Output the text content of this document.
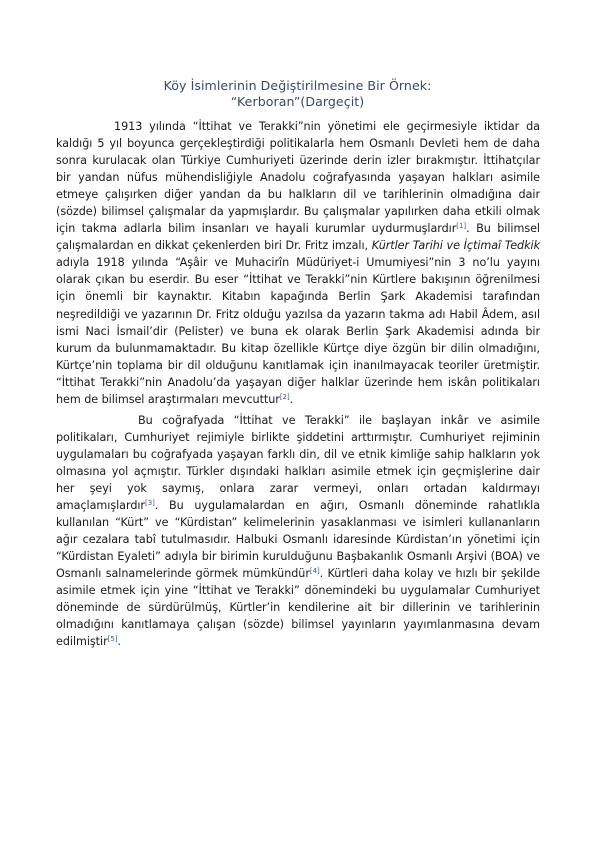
Köy İsimlerinin Değiştirilmesine Bir Örnek:
“Kerboran”(Dargeçit)

1913 yılında “İttihat ve Terakki”nin yönetimi ele geçirmesiyle iktidar da kaldığı 5 yıl boyunca gerçekleştirdiği politikalarla hem Osmanlı Devleti hem de daha sonra kurulacak olan Türkiye Cumhuriyeti üzerinde derin izler bırakmıştır. İttihatçılar bir yandan nüfus mühendisliğiyle Anadolu coğrafyasında yaşayan halkları asimile etmeye çalışırken diğer yandan da bu halkların dil ve tarihlerinin olmadığına dair (sözde) bilimsel çalışmalar da yapmışlardır. Bu çalışmalar yapılırken daha etkili olmak için takma adlarla bilim insanları ve hayali kurumlar uydurmuşlardır [ $^1$ ] . Bu bilimsel çalışmalardan en dikkat çekenlerden biri Dr. Fritz imzalı, Kürtler Tarihi ve İçtimaî Tedkik adıyla 1918 yılında “Aşâir ve Muhacirîn Müdüriyet-i Umumiyesi”nin 3 no’lu yayını olarak çıkan bu eserdir. Bu eser “İttihat ve Terakki”nin Kürtlere bakışının öğrenilmesi için önemli bir kaynaktır. Kitabın kapağında Berlin Şark Akademisi tarafından neşredildiği ve yazarının Dr. Fritz olduğu yazılsa da yazarın takma adı Habil Âdem, asıl ismi Naci İsmail’dir (Pelister) ve buna ek olarak Berlin Şark Akademisi adında bir kurum da bulunmamaktadır. Bu kitap özellikle Kürtçe diye özgün bir dilin olmadığını, Kürtçe’nin toplama bir dil olduğunu kanıtlamak için inanılmayacak teoriler üretmiştir. “İttihat Terakki”nin Anadolu’da yaşayan diğer halklar üzerinde hem iskân politikaları hem de bilimsel araştırmaları mevcuttur [ $^2$ ] .

Bu coğrafyada “İttihat ve Terakki” ile başlayan inkâr ve asimile politikaları, Cumhuriyet rejimiyle birlikte şiddetini arttırmıştır. Cumhuriyet rejiminin uygulamaları bu coğrafyada yaşayan farklı din, dil ve etnik kimliğe sahip halkların yok olmasına yol açmıştır. Türkler dışındaki halkları asimile etmek için geçmişlerine dair her şeyi yok saymış, onlara zarar vermeyi, onları ortadan kaldırmayı amaçlamışlardır [ $^3$ ] . Bu uygulamalardan en ağırı, Osmanlı döneminde rahatlıkla kullanılan “Kürt” ve “Kürdistan” kelimelerinin yasaklanması ve isimleri kullananların ağır cezalara tabî tutulmasıdır. Halbuki Osmanlı idaresinde Kürdistan’ın yönetimi için “Kürdistan Eyaleti” adıyla bir birimin kurulduğunu Başbakanlık Osmanlı Arşivi (BOA) ve Osmanlı salnamelerinde görmek mümkündür [ $^4$ ] . Kürtleri daha kolay ve hızlı bir şekilde asimile etmek için yine “İttihat ve Terakki” dönemindeki bu uygulamalar Cumhuriyet döneminde de sürdürülmüş, Kürtler’in kendilerine ait bir dillerinin ve tarihlerinin olmadığını kanıtlamaya çalışan (sözde) bilimsel yayınların yayımlanmasına devam edilmiştir [ $^5$ ] .
